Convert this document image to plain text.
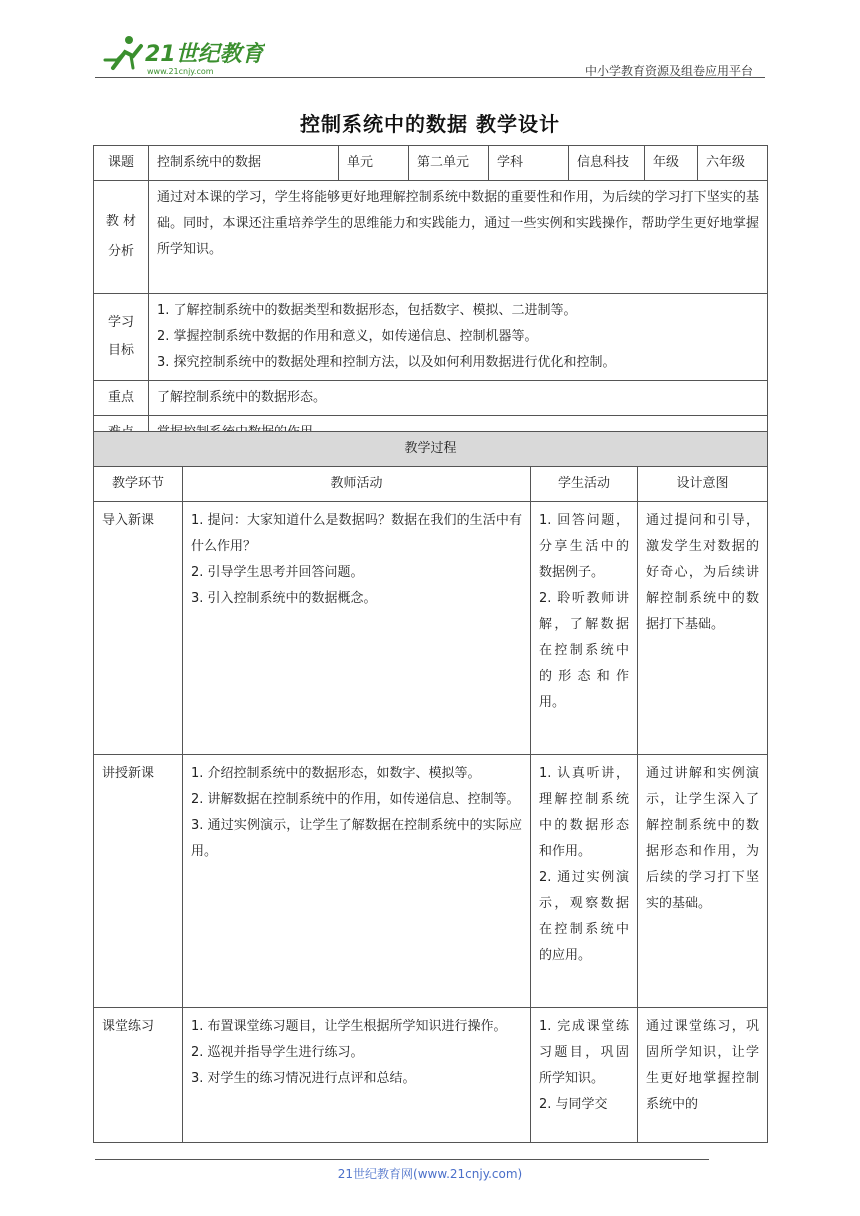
21世纪教育
www.21cnjy.com	中小学教育资源及组卷应用平台
控制系统中的数据 教学设计
课题	控制系统中的数据	单元	第二单元	学科	信息科技	年级	六年级
教 材
分析	通过对本课的学习，学生将能够更好地理解控制系统中数据的重要性和作用，为后续的学习打下坚实的基础。同时，本课还注重培养学生的思维能力和实践能力，通过一些实例和实践操作，帮助学生更好地掌握所学知识。						
学习
目标	1. 了解控制系统中的数据类型和数据形态，包括数字、模拟、二进制等。
2. 掌握控制系统中数据的作用和意义，如传递信息、控制机器等。
3. 探究控制系统中的数据处理和控制方法，以及如何利用数据进行优化和控制。						

重点	了解控制系统中的数据形态。						

教学过程			
教学环节	教师活动	学生活动	设计意图
导入新课	1. 提问：大家知道什么是数据吗？数据在我们的生活中有什么作用？
2. 引导学生思考并回答问题。
3. 引入控制系统中的数据概念。	1. 回答问题，分享生活中的数据例子。
2. 聆听教师讲解，了解数据在控制系统中的形态和作用。	通过提问和引导，激发学生对数据的好奇心，为后续讲解控制系统中的数据打下基础。
讲授新课	1. 介绍控制系统中的数据形态，如数字、模拟等。
2. 讲解数据在控制系统中的作用，如传递信息、控制等。
3. 通过实例演示，让学生了解数据在控制系统中的实际应用。	1. 认真听讲，理解控制系统中的数据形态和作用。
2. 通过实例演示，观察数据在控制系统中的应用。	通过讲解和实例演示，让学生深入了解控制系统中的数据形态和作用，为后续的学习打下坚实的基础。
课堂练习	1. 布置课堂练习题目，让学生根据所学知识进行操作。
2. 巡视并指导学生进行练习。
3. 对学生的练习情况进行点评和总结。	1. 完成课堂练习题目，巩固所学知识。
2. 与同学交	通过课堂练习，巩固所学知识，让学生更好地掌握控制系统中的
21世纪教育网(www.21cnjy.com)
